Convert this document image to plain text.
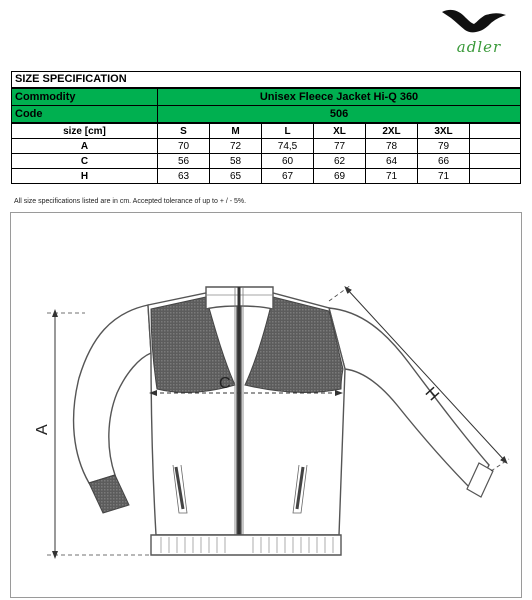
adler
SIZE SPECIFICATION							
Commodity	Unisex Fleece Jacket Hi-Q 360						
Code	506						
size [cm]	S	M	L	XL	2XL	3XL	
A	70	72	74,5	77	78	79	
C	56	58	60	62	64	66	
H	63	65	67	69	71	71	
All size specifications listed are in cm. Accepted tolerance of up to + / - 5%.
A
C
H
